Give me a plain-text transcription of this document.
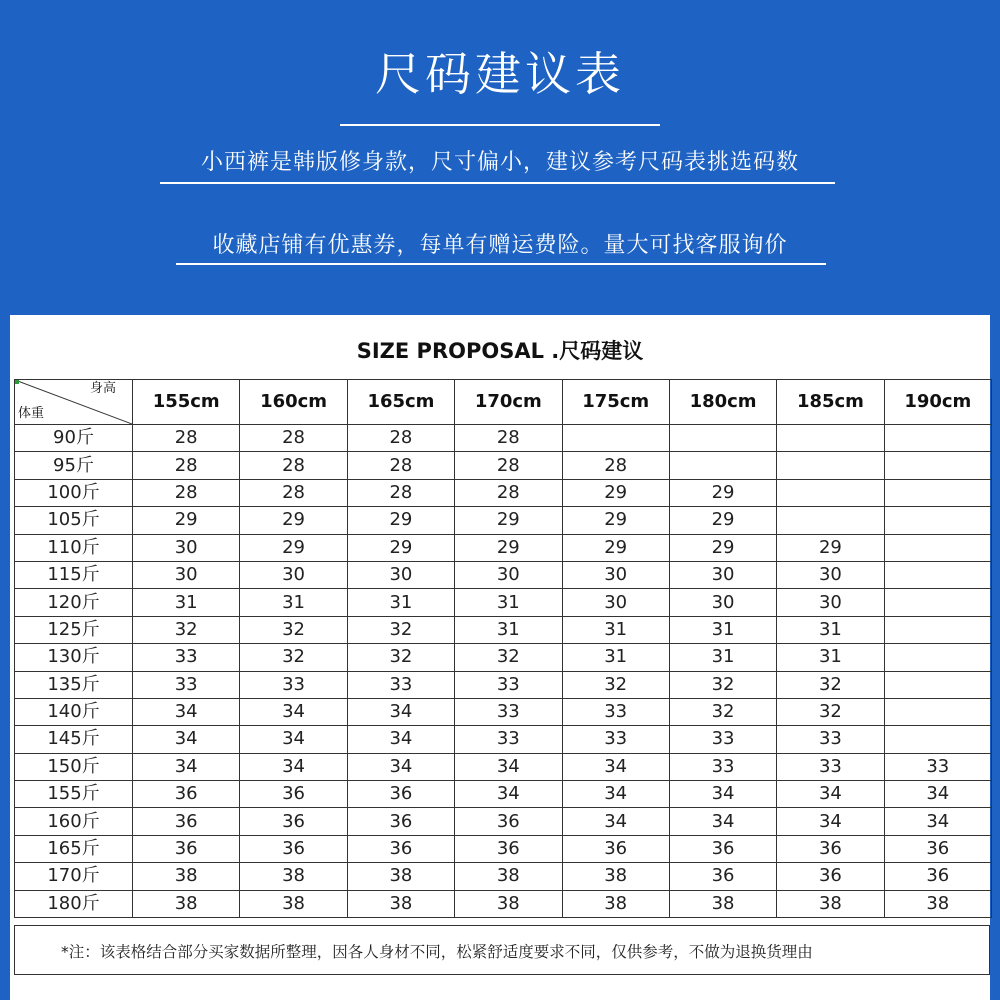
尺码建议表
小西裤是韩版修身款，尺寸偏小，建议参考尺码表挑选码数
收藏店铺有优惠券，每单有赠运费险。量大可找客服询价
SIZE PROPOSAL .尺码建议
身高
体重	155cm	160cm	165cm	170cm	175cm	180cm	185cm	190cm
90斤	28	28	28	28				
95斤	28	28	28	28	28			
100斤	28	28	28	28	29	29		
105斤	29	29	29	29	29	29		
110斤	30	29	29	29	29	29	29	
115斤	30	30	30	30	30	30	30	
120斤	31	31	31	31	30	30	30	
125斤	32	32	32	31	31	31	31	
130斤	33	32	32	32	31	31	31	
135斤	33	33	33	33	32	32	32	
140斤	34	34	34	33	33	32	32	
145斤	34	34	34	33	33	33	33	
150斤	34	34	34	34	34	33	33	33
155斤	36	36	36	34	34	34	34	34
160斤	36	36	36	36	34	34	34	34
165斤	36	36	36	36	36	36	36	36
170斤	38	38	38	38	38	36	36	36
180斤	38	38	38	38	38	38	38	38
*注：该表格结合部分买家数据所整理，因各人身材不同，松紧舒适度要求不同，仅供参考，不做为退换货理由
